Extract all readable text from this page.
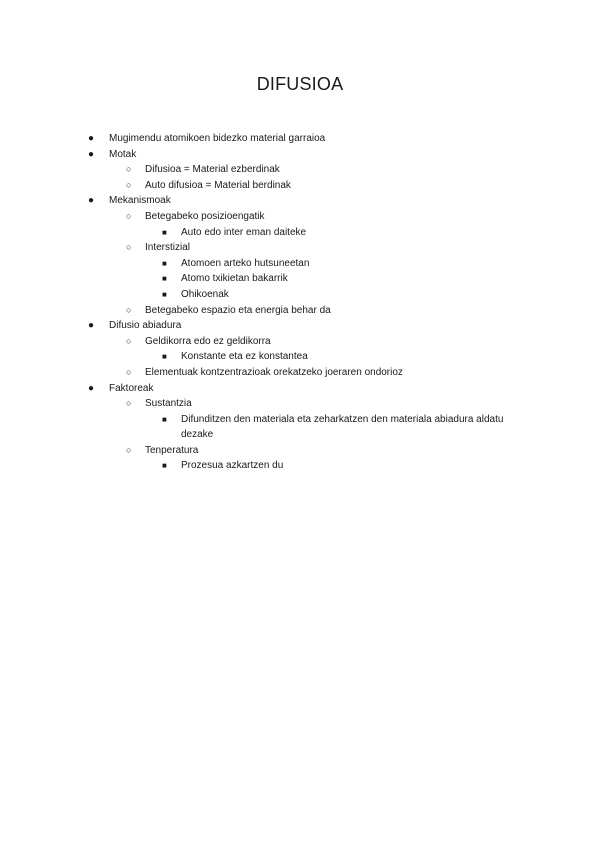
DIFUSIOA
● Mugimendu atomikoen bidezko material garraioa
● Motak
○ Difusioa = Material ezberdinak
○ Auto difusioa = Material berdinak
● Mekanismoak
○ Betegabeko posizioengatik
■ Auto edo inter eman daiteke
○ Interstizial
■ Atomoen arteko hutsuneetan
■ Atomo txikietan bakarrik
■ Ohikoenak
○ Betegabeko espazio eta energia behar da
● Difusio abiadura
○ Geldikorra edo ez geldikorra
■ Konstante eta ez konstantea
○ Elementuak kontzentrazioak orekatzeko joeraren ondorioz
● Faktoreak
○ Sustantzia
■ Difunditzen den materiala eta zeharkatzen den materiala abiadura aldatu dezake
○ Tenperatura
■ Prozesua azkartzen du
